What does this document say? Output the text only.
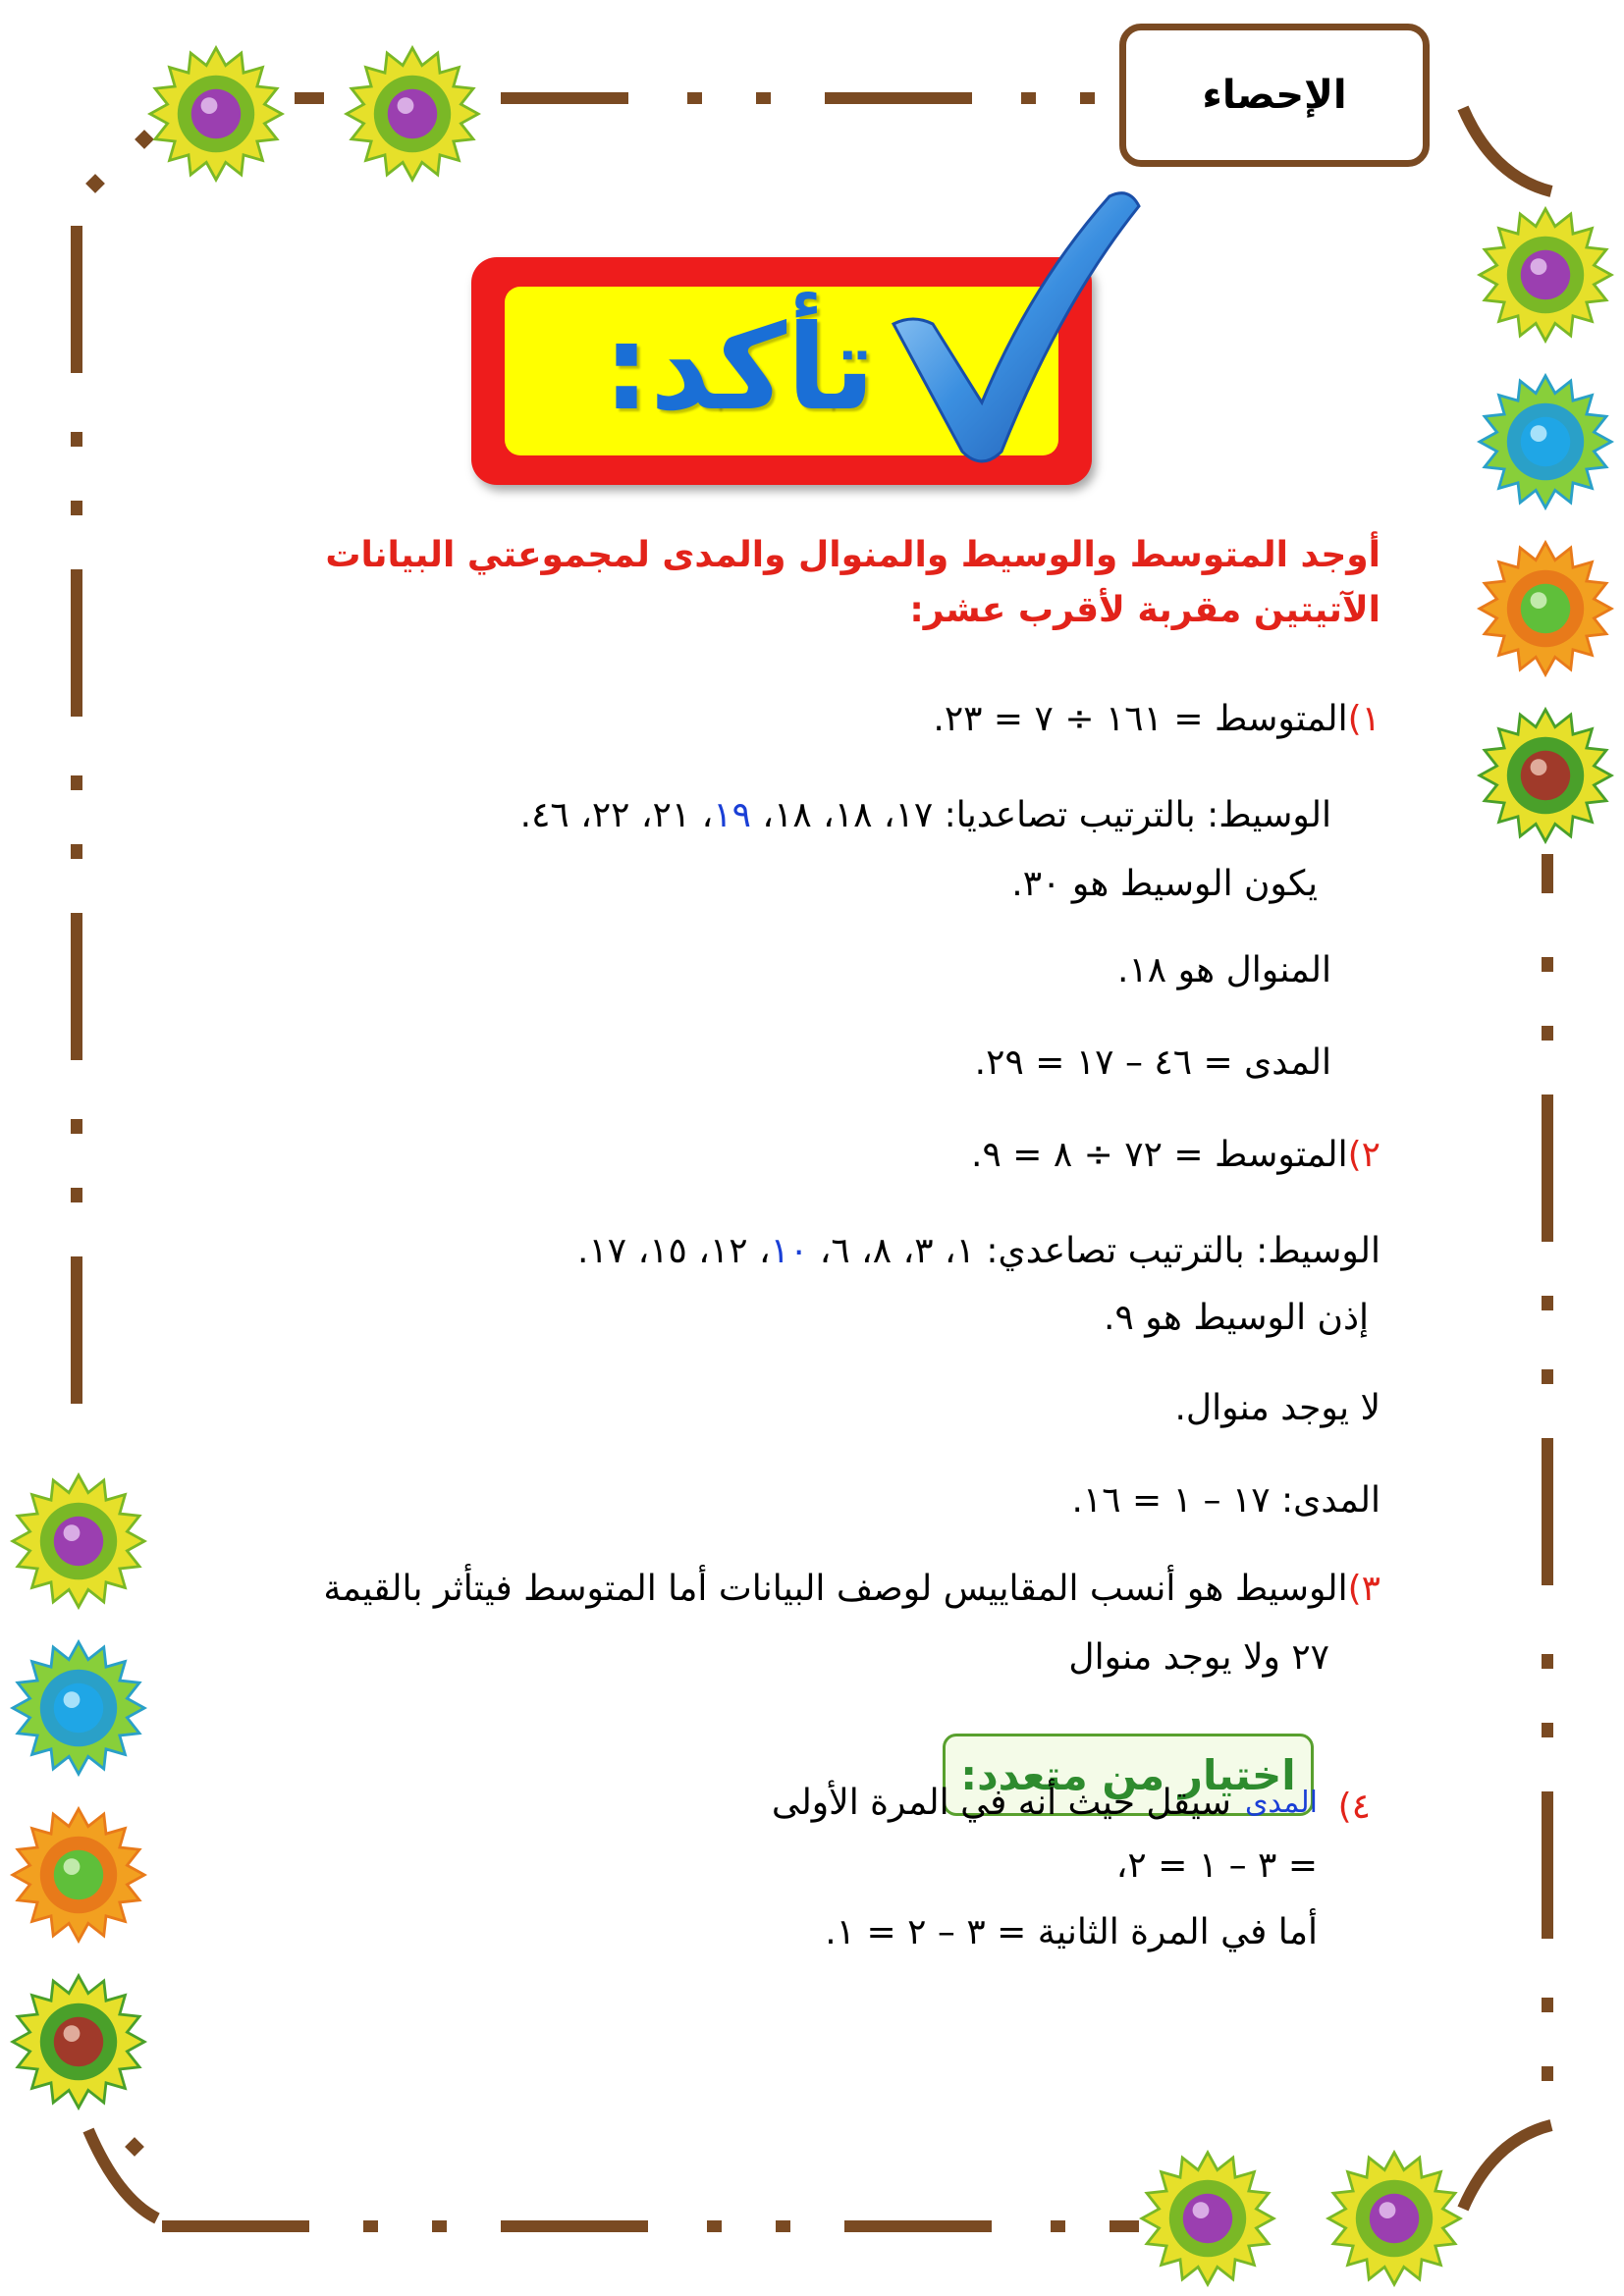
الإحصاء
تأكد:

أوجد المتوسط والوسيط والمنوال والمدى لمجموعتي البيانات الآتيتين مقربة لأقرب عشر:

١)المتوسط = ١٦١ ÷ ٧ = ٢٣.
الوسيط: بالترتيب تصاعديا: ١٧، ١٨، ١٨، ١٩، ٢١، ٢٢، ٤٦.
يكون الوسيط هو ٣٠.
المنوال هو ١٨.
المدى = ٤٦ – ١٧ = ٢٩.
٢)المتوسط = ٧٢ ÷ ٨ = ٩.
الوسيط: بالترتيب تصاعدي: ١، ٣، ٨، ٦، ١٠، ١٢، ١٥، ١٧.
إذن الوسيط هو ٩.
لا يوجد منوال.
المدى: ١٧ – ١ = ١٦.
٣)الوسيط هو أنسب المقاييس لوصف البيانات أما المتوسط فيتأثر بالقيمة
٢٧ ولا يوجد منوال
اختيار من متعدد:
٤)
المدى
سيقل حيث أنه في المرة الأولى
= ٣ – ١ = ٢،
أما في المرة الثانية = ٣ – ٢ = ١.
